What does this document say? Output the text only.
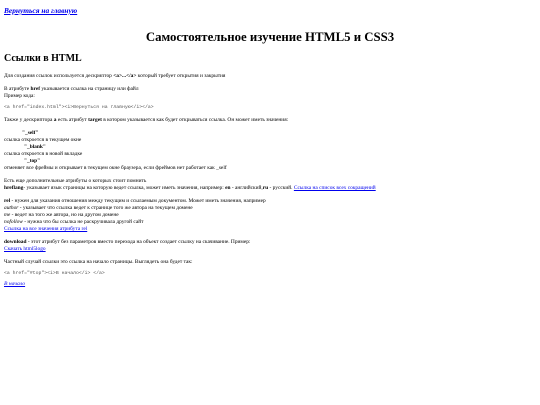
Вернуться на главную
Самостоятельное изучение HTML5 и CSS3
Ссылки в HTML

Для создания ссылок используется дескриптор <a>...</a> который требует открытия и закрытия

В атрибуте href указывается ссылка на страницу или файл

Пример кода:

<a href="index.html"><i>Вернуться на главную</i></a>

Также у дескриптора a есть атрибут target в котором указывается как будет открываться ссылка. Он может иметь значения:

"_self"

ссылка откроется в текущем окне

"_blank"

ссылка откроется в новой вкладке

"_top"

отменяет все фреймы и открывает в текущем окне браузера, если фреймов нет работает как _self

Есть еще дополнительные атрибуты о которых стоит помнить

hreflang- указывает язык страницы на которую ведет ссылка, может иметь значения, например: en - английский,ru - русский. Ссылка на список всех сокращений

rel - нужен для указания отношения между текущим и ссылаемым документом. Может иметь значения, например

author - указывает что ссылка ведет к странице того же автора на текущем домене

me - ведет на того же автора, но на другом домене

nofollow - нужна что бы ссылка не раскручивала другой сайт

Ссылка на все значения атрибута rel

download - этот атрибут без параметров вместо перехода на объект создает ссылку на скачивание. Пример:

Скачать html5logo

Частный случай ссылки это ссылка на начало страницы. Выглядеть она будет так:

<a href="#top"><i>В начало</i> </a>

В начало
